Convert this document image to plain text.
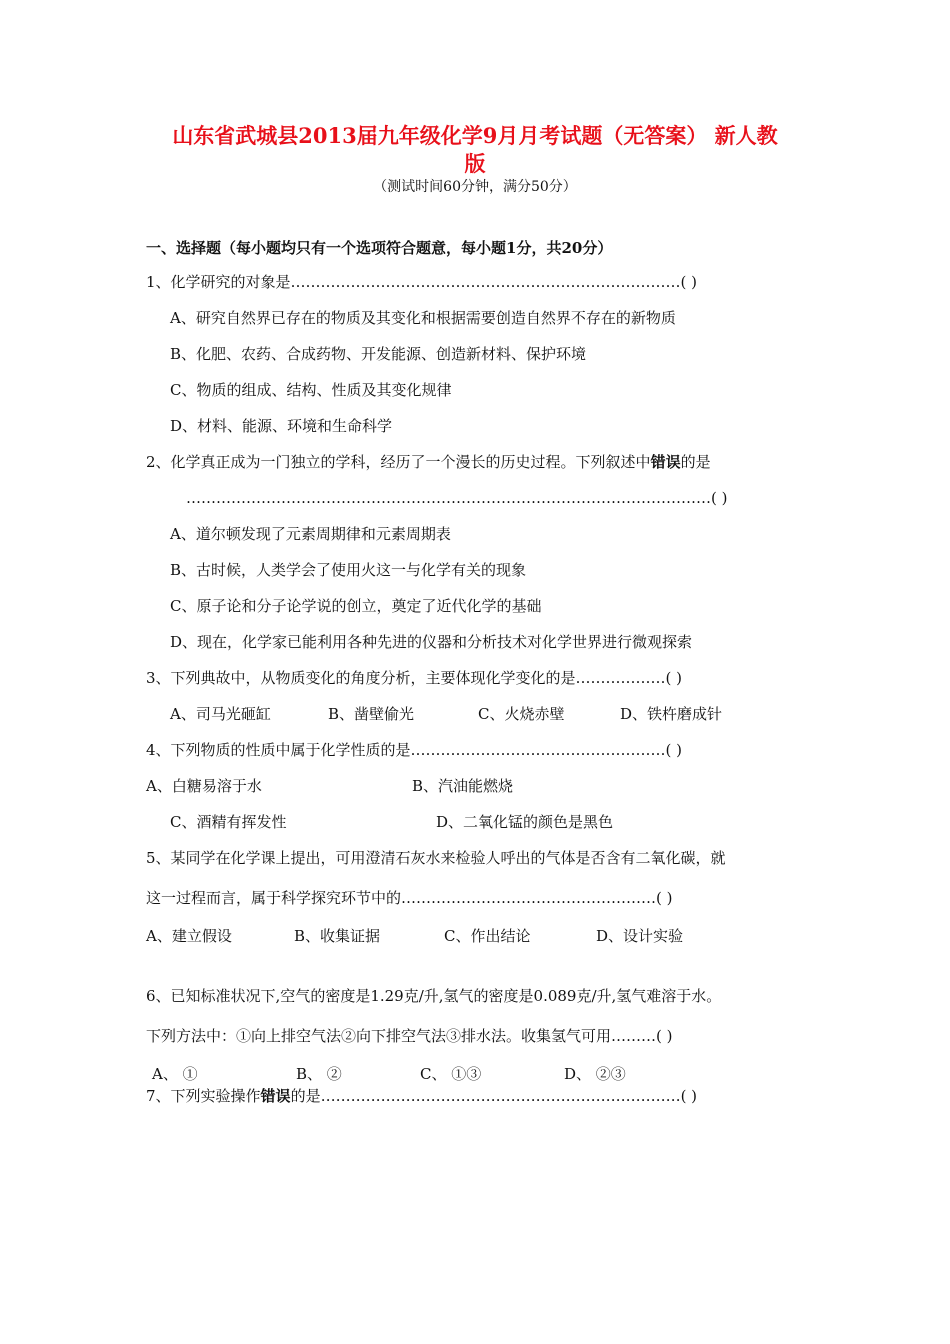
山东省武城县2013届九年级化学9月月考试题（无答案） 新人教
版
（测试时间60分钟，满分50分）
一、选择题（每小题均只有一个选项符合题意，每小题1分，共20分）
1、化学研究的对象是……………………………………………………………………( )
A、研究自然界已存在的物质及其变化和根据需要创造自然界不存在的新物质
B、化肥、农药、合成药物、开发能源、创造新材料、保护环境
C、物质的组成、结构、性质及其变化规律
D、材料、能源、环境和生命科学
2、化学真正成为一门独立的学科，经历了一个漫长的历史过程。下列叙述中错误的是
……………………………………………………………………………………………( )
A、道尔顿发现了元素周期律和元素周期表
B、古时候，人类学会了使用火这一与化学有关的现象
C、原子论和分子论学说的创立，奠定了近代化学的基础
D、现在，化学家已能利用各种先进的仪器和分析技术对化学世界进行微观探索
3、下列典故中，从物质变化的角度分析，主要体现化学变化的是………………( )
A、司马光砸缸	B、凿壁偷光	C、火烧赤壁	D、铁杵磨成针
4、下列物质的性质中属于化学性质的是……………………………………………( )
A、白糖易溶于水	B、汽油能燃烧
C、酒精有挥发性	D、二氧化锰的颜色是黑色
5、某同学在化学课上提出，可用澄清石灰水来检验人呼出的气体是否含有二氧化碳，就
这一过程而言，属于科学探究环节中的……………………………………………( )
A、建立假设	B、收集证据	C、作出结论	D、设计实验
6、已知标准状况下,空气的密度是1.29克/升,氢气的密度是0.089克/升,氢气难溶于水。
下列方法中：①向上排空气法②向下排空气法③排水法。收集氢气可用………( )
A、 ①	B、 ②	C、 ①③	D、 ②③
7、下列实验操作错误的是………………………………………………………………( )
